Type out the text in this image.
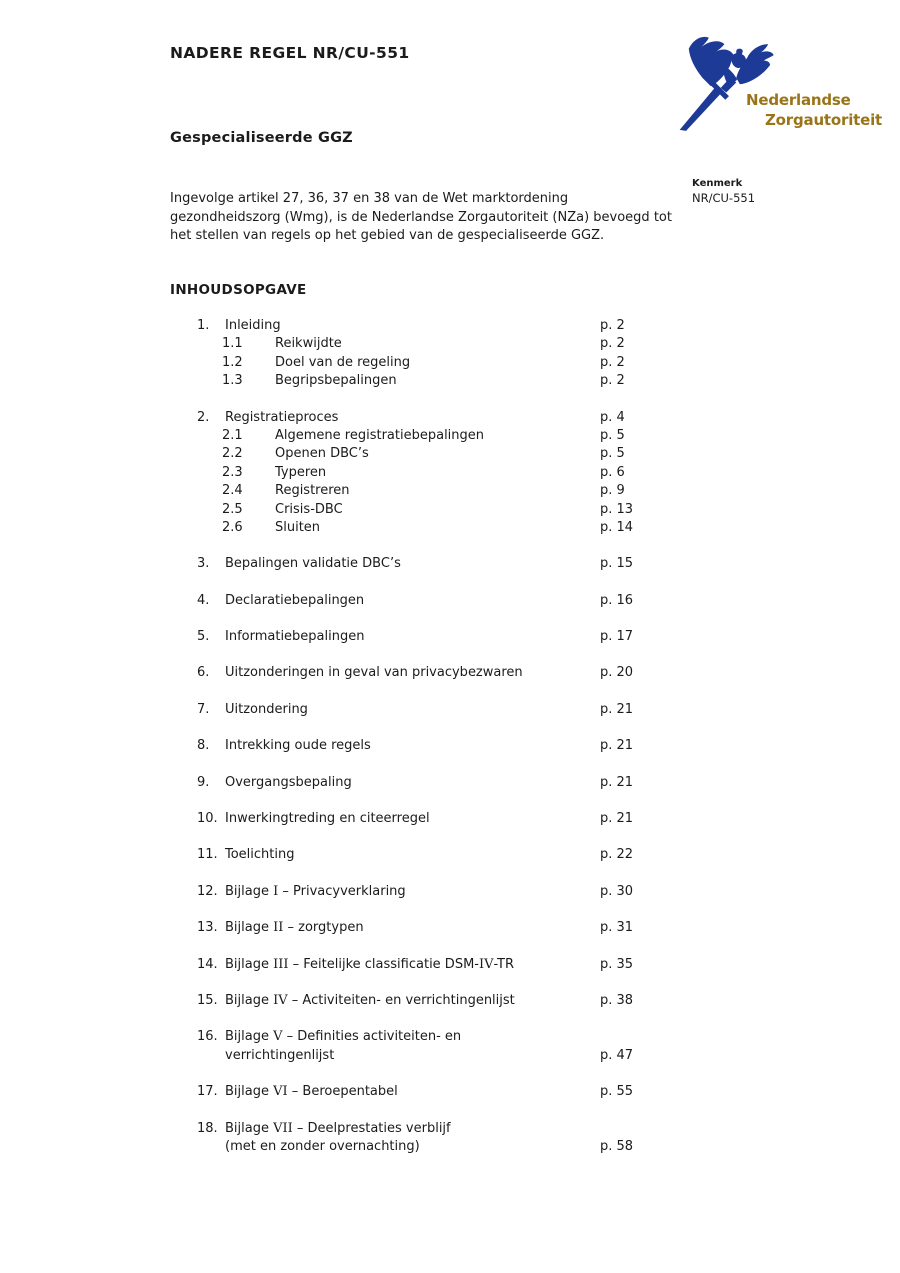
NADERE REGEL NR/CU-551
Nederlandse
Zorgautoriteit
Gespecialiseerde GGZ
Kenmerk
NR/CU-551
Ingevolge artikel 27, 36, 37 en 38 van de Wet marktordening gezondheidszorg (Wmg), is de Nederlandse Zorgautoriteit (NZa) bevoegd tot het stellen van regels op het gebied van de gespecialiseerde GGZ.
INHOUDSOPGAVE
1. Inleiding	p. 2
1.1 Reikwijdte	p. 2
1.2 Doel van de regeling	p. 2
1.3 Begripsbepalingen	p. 2
2. Registratieproces	p. 4
2.1 Algemene registratiebepalingen	p. 5
2.2 Openen DBC’s	p. 5
2.3 Typeren	p. 6
2.4 Registreren	p. 9
2.5 Crisis-DBC	p. 13
2.6 Sluiten	p. 14
3. Bepalingen validatie DBC’s	p. 15
4. Declaratiebepalingen	p. 16
5. Informatiebepalingen	p. 17
6. Uitzonderingen in geval van privacybezwaren	p. 20
7. Uitzondering	p. 21
8. Intrekking oude regels	p. 21
9. Overgangsbepaling	p. 21
10. Inwerkingtreding en citeerregel	p. 21
11. Toelichting	p. 22
12. Bijlage I – Privacyverklaring	p. 30
13. Bijlage II – zorgtypen	p. 31
14. Bijlage III – Feitelijke classificatie DSM-IV-TR	p. 35
15. Bijlage IV – Activiteiten- en verrichtingenlijst	p. 38
16. Bijlage V – Definities activiteiten- en
verrichtingenlijst	p. 47
17. Bijlage VI – Beroepentabel	p. 55
18. Bijlage VII – Deelprestaties verblijf
(met en zonder overnachting)	p. 58
